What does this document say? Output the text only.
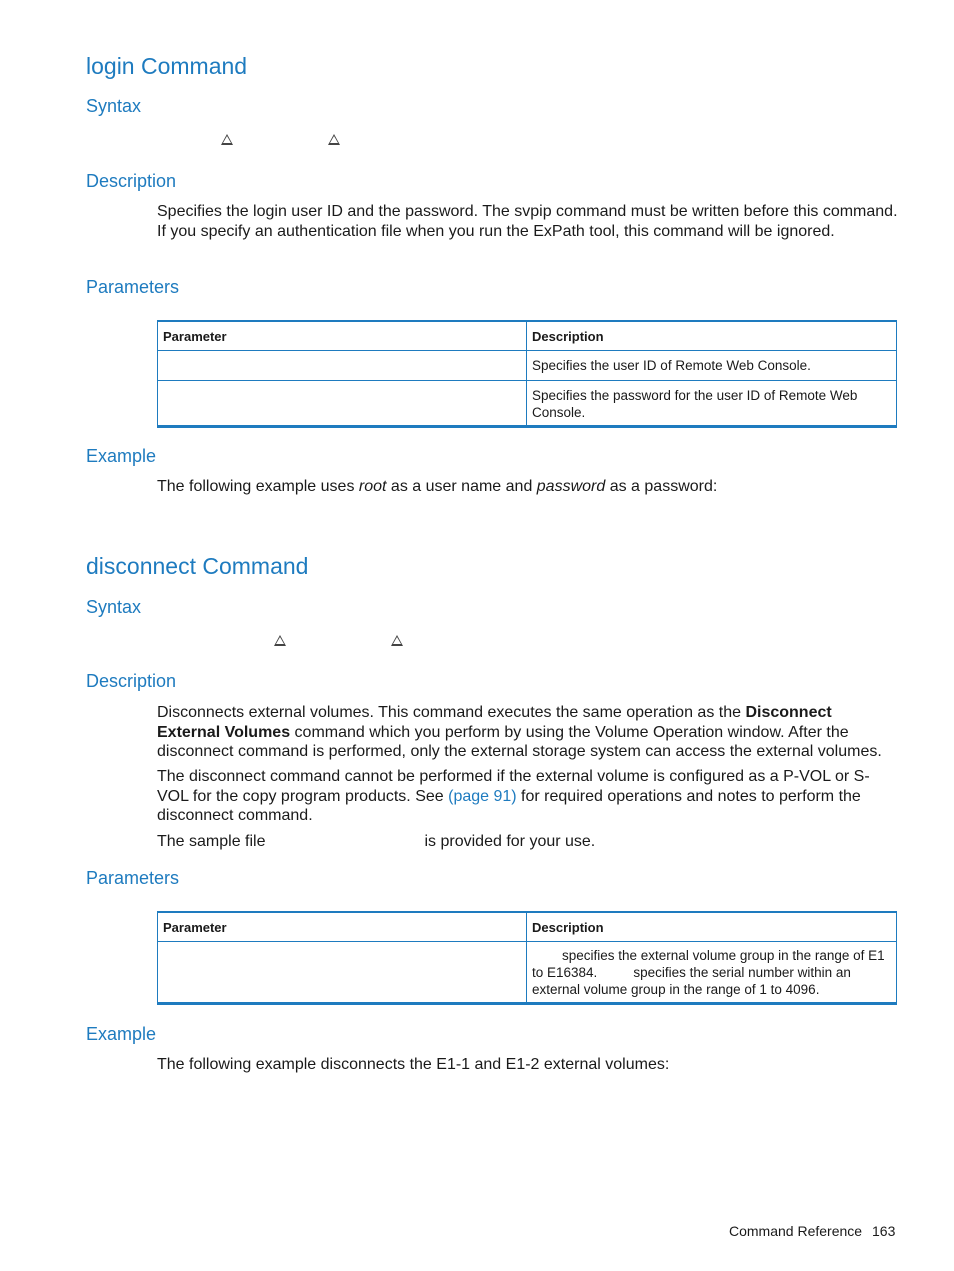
login Command
Syntax
Description
Specifies the login user ID and the password. The svpip command must be written before this command. If you specify an authentication file when you run the ExPath tool, this command will be ignored.
Parameters
Parameter	Description
	Specifies the user ID of Remote Web Console.
	Specifies the password for the user ID of Remote Web Console.
Example
The following example uses root as a user name and password as a password:
disconnect Command
Syntax
Description
Disconnects external volumes. This command executes the same operation as the Disconnect External Volumes command which you perform by using the Volume Operation window. After the disconnect command is performed, only the external storage system can access the external volumes.
The disconnect command cannot be performed if the external volume is configured as a P-VOL or S-VOL for the copy program products. See (page 91) for required operations and notes to perform the disconnect command.
The sample file	is provided for your use.
Parameters
Parameter	Description
	specifies the external volume group in the range of E1 to E16384. specifies the serial number within an external volume group in the range of 1 to 4096.
Example
The following example disconnects the E1-1 and E1-2 external volumes:
Command Reference 163
